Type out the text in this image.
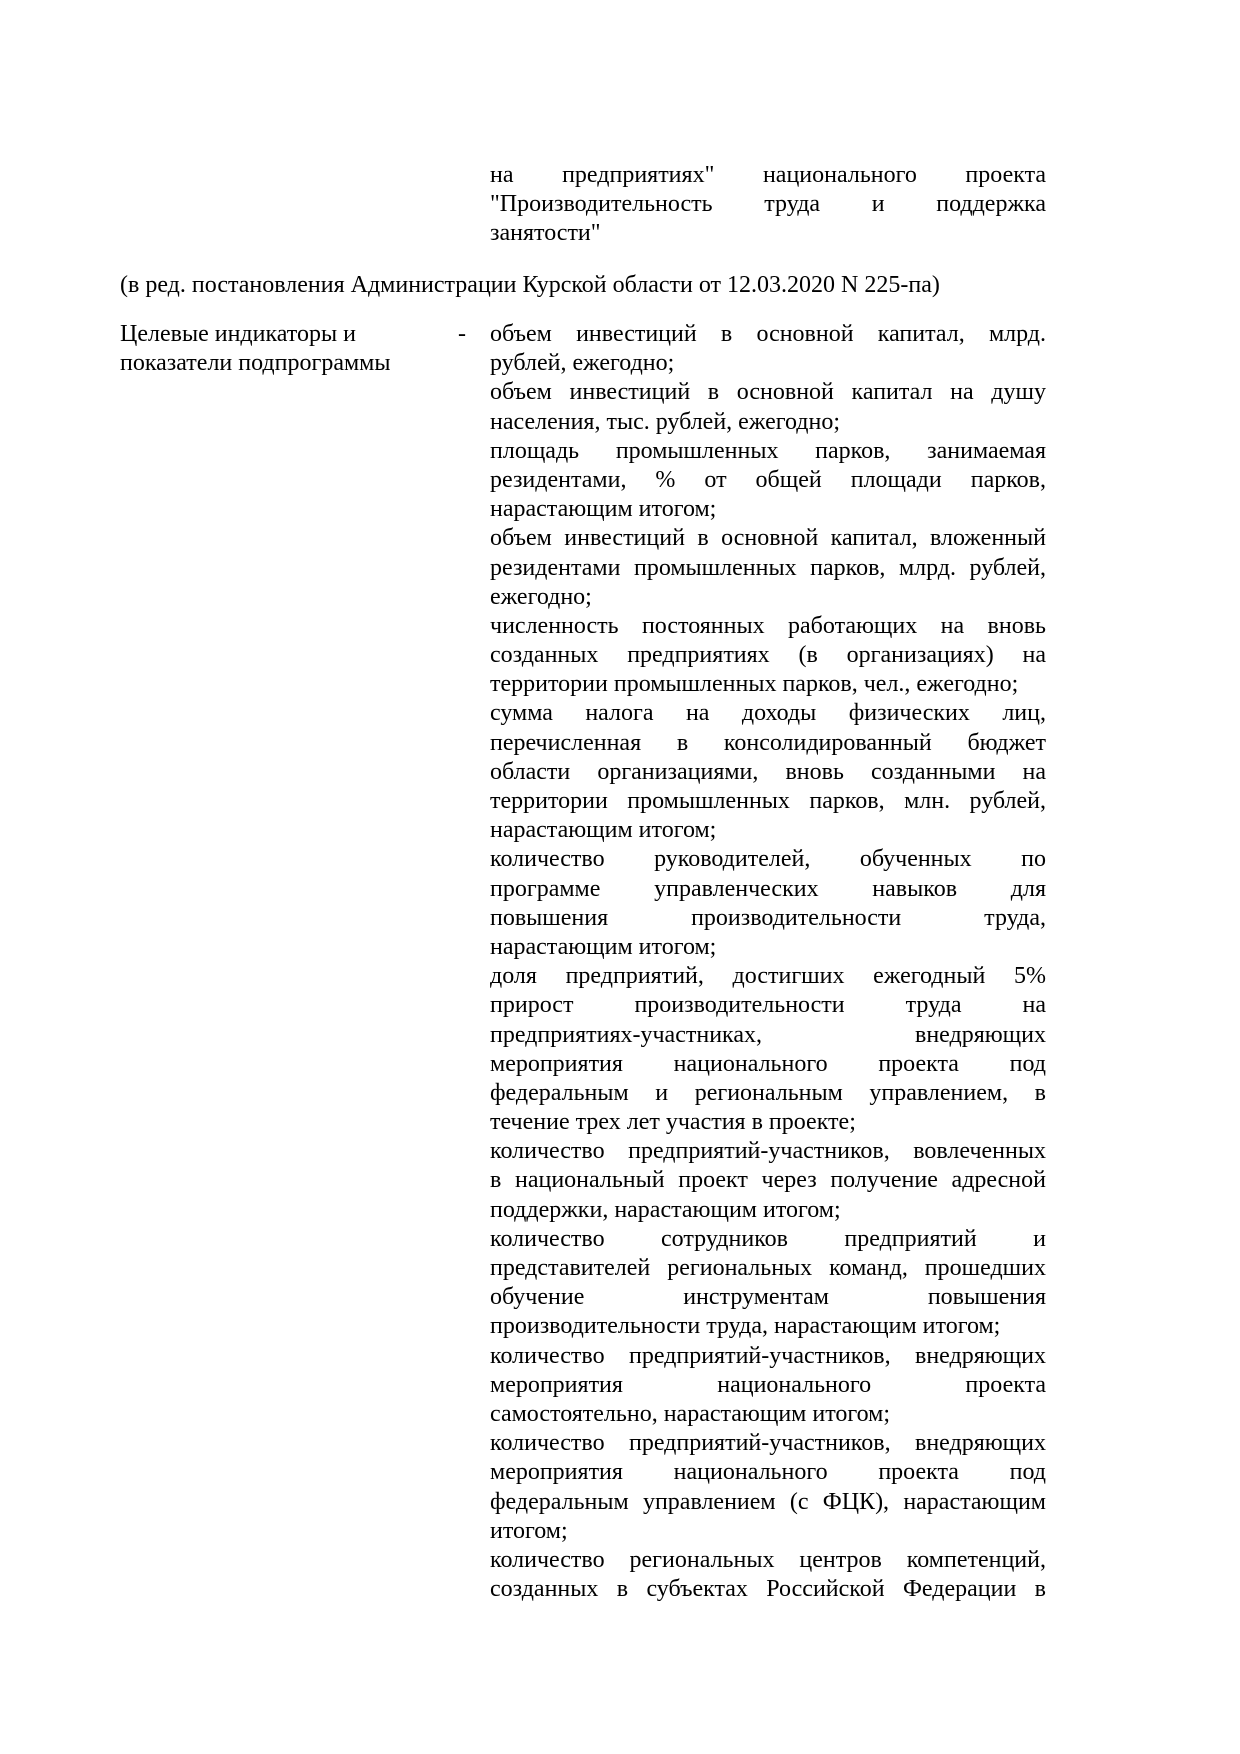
на предприятиях" национального проекта
"Производительность труда и поддержка
занятости"
(в ред. постановления Администрации Курской области от 12.03.2020 N 225-па)
Целевые индикаторы и
показатели подпрограммы
- объем инвестиций в основной капитал, млрд.
рублей, ежегодно;
объем инвестиций в основной капитал на душу
населения, тыс. рублей, ежегодно;
площадь промышленных парков, занимаемая
резидентами, % от общей площади парков,
нарастающим итогом;
объем инвестиций в основной капитал, вложенный
резидентами промышленных парков, млрд. рублей,
ежегодно;
численность постоянных работающих на вновь
созданных предприятиях (в организациях) на
территории промышленных парков, чел., ежегодно;
сумма налога на доходы физических лиц,
перечисленная в консолидированный бюджет
области организациями, вновь созданными на
территории промышленных парков, млн. рублей,
нарастающим итогом;
количество руководителей, обученных по
программе управленческих навыков для
повышения производительности труда,
нарастающим итогом;
доля предприятий, достигших ежегодный 5%
прирост производительности труда на
предприятиях-участниках, внедряющих
мероприятия национального проекта под
федеральным и региональным управлением, в
течение трех лет участия в проекте;
количество предприятий-участников, вовлеченных
в национальный проект через получение адресной
поддержки, нарастающим итогом;
количество сотрудников предприятий и
представителей региональных команд, прошедших
обучение инструментам повышения
производительности труда, нарастающим итогом;
количество предприятий-участников, внедряющих
мероприятия национального проекта
самостоятельно, нарастающим итогом;
количество предприятий-участников, внедряющих
мероприятия национального проекта под
федеральным управлением (с ФЦК), нарастающим
итогом;
количество региональных центров компетенций,
созданных в субъектах Российской Федерации в
